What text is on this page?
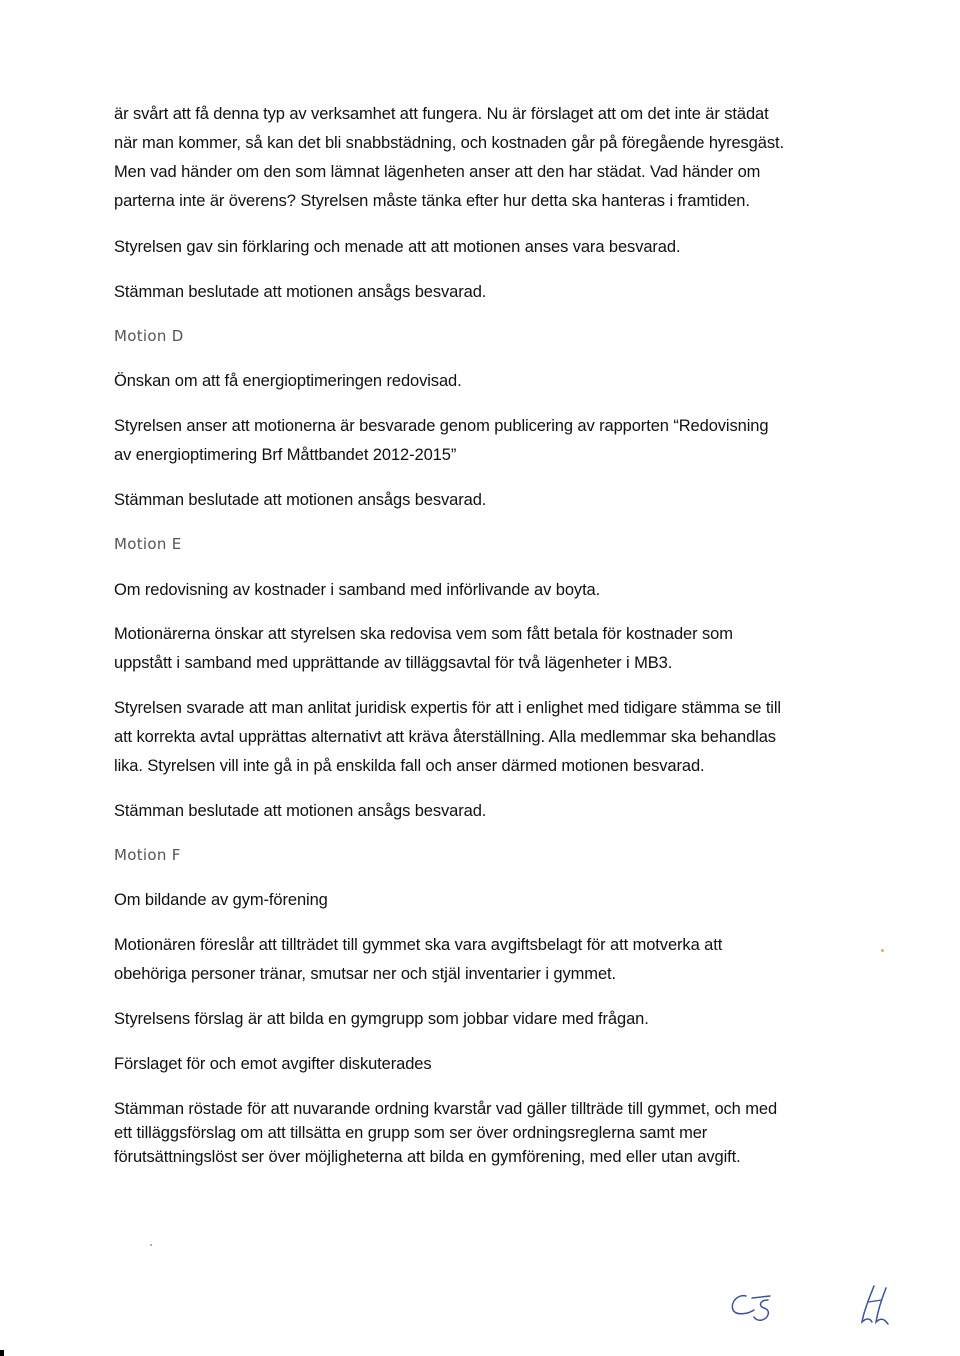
är svårt att få denna typ av verksamhet att fungera. Nu är förslaget att om det inte är städat
när man kommer, så kan det bli snabbstädning, och kostnaden går på föregående hyresgäst.
Men vad händer om den som lämnat lägenheten anser att den har städat. Vad händer om
parterna inte är överens? Styrelsen måste tänka efter hur detta ska hanteras i framtiden.
Styrelsen gav sin förklaring och menade att att motionen anses vara besvarad.
Stämman beslutade att motionen ansågs besvarad.
Motion D
Önskan om att få energioptimeringen redovisad.
Styrelsen anser att motionerna är besvarade genom publicering av rapporten “Redovisning
av energioptimering Brf Måttbandet 2012-2015”
Stämman beslutade att motionen ansågs besvarad.
Motion E
Om redovisning av kostnader i samband med införlivande av boyta.
Motionärerna önskar att styrelsen ska redovisa vem som fått betala för kostnader som
uppstått i samband med upprättande av tilläggsavtal för två lägenheter i MB3.
Styrelsen svarade att man anlitat juridisk expertis för att i enlighet med tidigare stämma se till
att korrekta avtal upprättas alternativt att kräva återställning. Alla medlemmar ska behandlas
lika. Styrelsen vill inte gå in på enskilda fall och anser därmed motionen besvarad.
Stämman beslutade att motionen ansågs besvarad.
Motion F
Om bildande av gym-förening
Motionären föreslår att tillträdet till gymmet ska vara avgiftsbelagt för att motverka att
obehöriga personer tränar, smutsar ner och stjäl inventarier i gymmet.
Styrelsens förslag är att bilda en gymgrupp som jobbar vidare med frågan.
Förslaget för och emot avgifter diskuterades
Stämman röstade för att nuvarande ordning kvarstår vad gäller tillträde till gymmet, och med
ett tilläggsförslag om att tillsätta en grupp som ser över ordningsreglerna samt mer
förutsättningslöst ser över möjligheterna att bilda en gymförening, med eller utan avgift.
